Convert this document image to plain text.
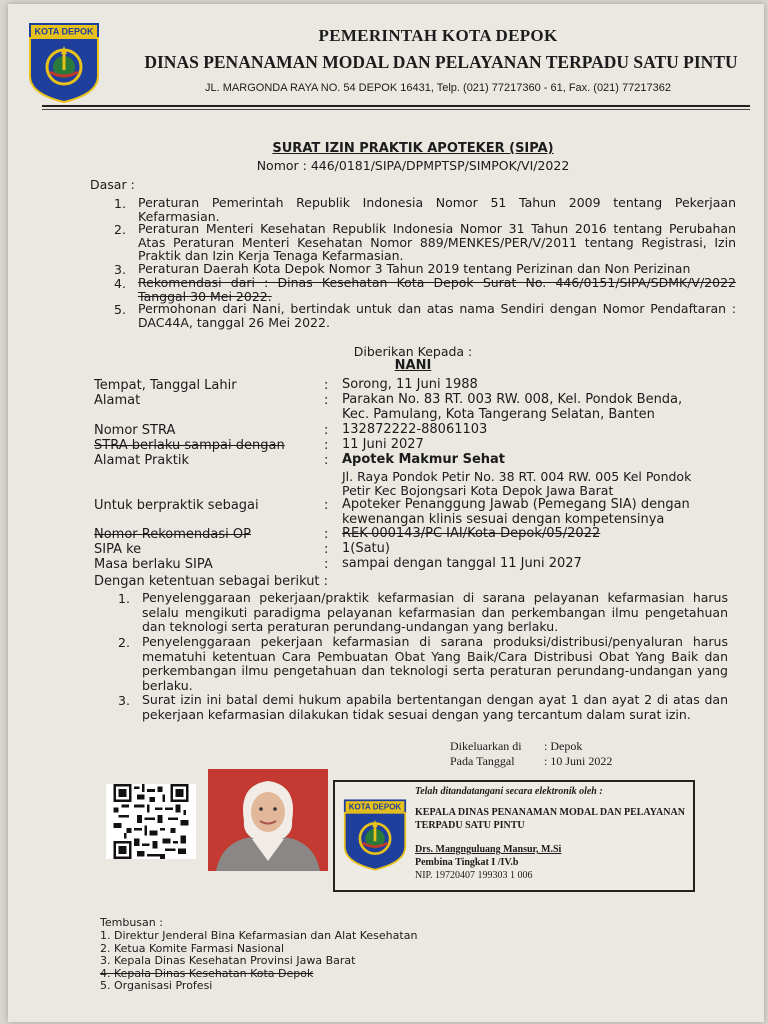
KOTA DEPOK	PEMERINTAH KOTA DEPOK
DINAS PENANAMAN MODAL DAN PELAYANAN TERPADU SATU PINTU
JL. MARGONDA RAYA NO. 54 DEPOK 16431, Telp. (021) 77217360 - 61, Fax. (021) 77217362
SURAT IZIN PRAKTIK APOTEKER (SIPA)
Nomor : 446/0181/SIPA/DPMPTSP/SIMPOK/VI/2022
Dasar :
1. Peraturan Pemerintah Republik Indonesia Nomor 51 Tahun 2009 tentang Pekerjaan Kefarmasian.
2. Peraturan Menteri Kesehatan Republik Indonesia Nomor 31 Tahun 2016 tentang Perubahan Atas Peraturan Menteri Kesehatan Nomor 889/MENKES/PER/V/2011 tentang Registrasi, Izin Praktik dan Izin Kerja Tenaga Kefarmasian.
3. Peraturan Daerah Kota Depok Nomor 3 Tahun 2019 tentang Perizinan dan Non Perizinan
4. Rekomendasi dari : Dinas Kesehatan Kota Depok Surat No. 446/0151/SIPA/SDMK/V/2022 Tanggal 30 Mei 2022.
5. Permohonan dari Nani, bertindak untuk dan atas nama Sendiri dengan Nomor Pendaftaran : DAC44A, tanggal 26 Mei 2022.
Diberikan Kepada :
NANI
Tempat, Tanggal Lahir	: Sorong, 11 Juni 1988
Alamat	: Parakan No. 83 RT. 003 RW. 008, Kel. Pondok Benda,
Kec. Pamulang, Kota Tangerang Selatan, Banten
Nomor STRA	: 132872222-88061103
STRA berlaku sampai dengan	: 11 Juni 2027
Alamat Praktik	: Apotek Makmur Sehat
Jl. Raya Pondok Petir No. 38 RT. 004 RW. 005 Kel Pondok
Petir Kec Bojongsari Kota Depok Jawa Barat
Untuk berpraktik sebagai	: Apoteker Penanggung Jawab (Pemegang SIA) dengan
kewenangan klinis sesuai dengan kompetensinya
Nomor Rekomendasi OP	: REK-000143/PC IAI/Kota Depok/05/2022
SIPA ke	: 1(Satu)
Masa berlaku SIPA	: sampai dengan tanggal 11 Juni 2027
Dengan ketentuan sebagai berikut :
1. Penyelenggaraan pekerjaan/praktik kefarmasian di sarana pelayanan kefarmasian harus selalu mengikuti paradigma pelayanan kefarmasian dan perkembangan ilmu pengetahuan dan teknologi serta peraturan perundang-undangan yang berlaku.
2. Penyelenggaraan pekerjaan kefarmasian di sarana produksi/distribusi/penyaluran harus mematuhi ketentuan Cara Pembuatan Obat Yang Baik/Cara Distribusi Obat Yang Baik dan perkembangan ilmu pengetahuan dan teknologi serta peraturan perundang-undangan yang berlaku.
3. Surat izin ini batal demi hukum apabila bertentangan dengan ayat 1 dan ayat 2 di atas dan pekerjaan kefarmasian dilakukan tidak sesuai dengan yang tercantum dalam surat izin.
Dikeluarkan di : Depok
Pada Tanggal : 10 Juni 2022
KOTA DEPOK
Telah ditandatangani secara elektronik oleh :
KEPALA DINAS PENANAMAN MODAL DAN PELAYANAN TERPADU SATU PINTU
Drs. Mangnguluang Mansur, M.Si
Pembina Tingkat I /IV.b
NIP. 19720407 199303 1 006
Tembusan :
1. Direktur Jenderal Bina Kefarmasian dan Alat Kesehatan
2. Ketua Komite Farmasi Nasional
3. Kepala Dinas Kesehatan Provinsi Jawa Barat
4. Kepala Dinas Kesehatan Kota Depok
5. Organisasi Profesi
